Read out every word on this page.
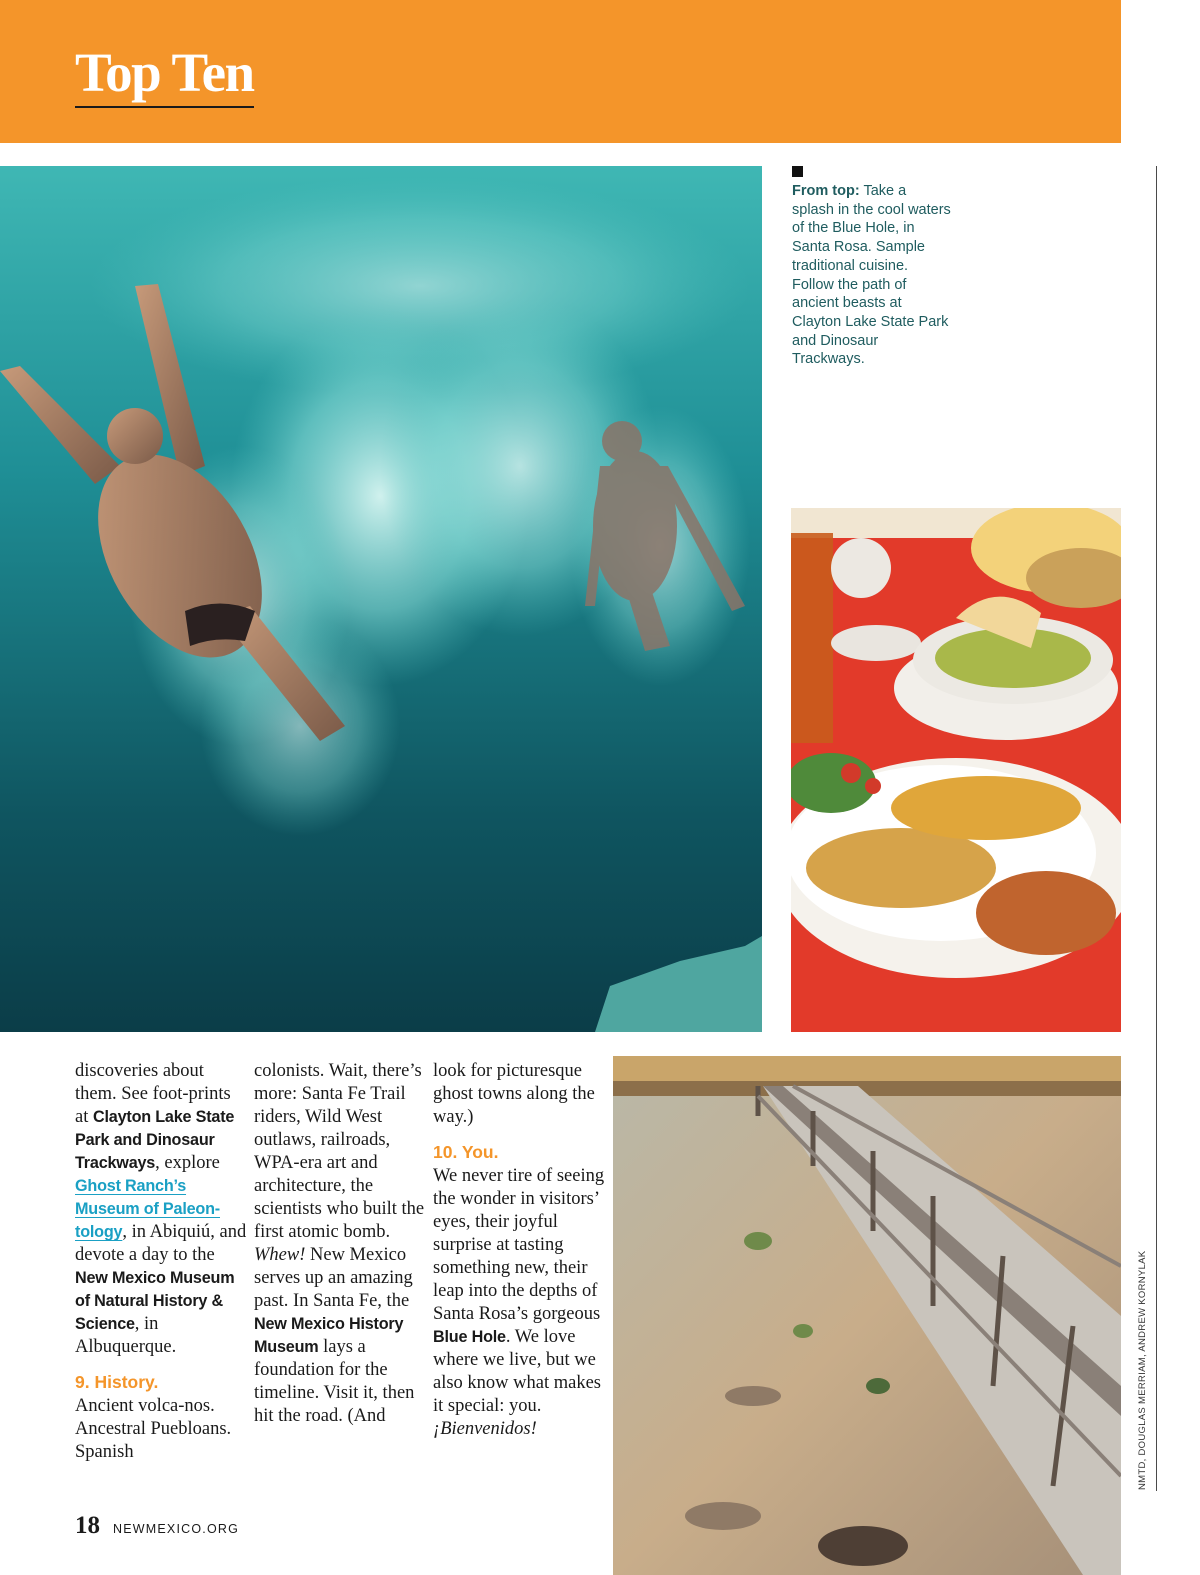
Top Ten
From top: Take a splash in the cool waters of the Blue Hole, in Santa Rosa. Sample traditional cuisine. Follow the path of ancient beasts at Clayton Lake State Park and Dinosaur Trackways.

discoveries about them. See foot-prints at Clayton Lake State Park and Dinosaur Trackways, explore Ghost Ranch’s Museum of Paleon-tology, in Abiquiú, and devote a day to the New Mexico Museum of Natural History & Science, in Albuquerque.

9. History.
Ancient volca-nos. Ancestral Puebloans. Spanish

colonists. Wait, there’s more: Santa Fe Trail riders, Wild West outlaws, railroads, WPA-era art and architecture, the scientists who built the first atomic bomb. Whew! New Mexico serves up an amazing past. In Santa Fe, the New Mexico History Museum lays a foundation for the timeline. Visit it, then hit the road. (And

look for picturesque ghost towns along the way.)

10. You.
We never tire of seeing the wonder in visitors’ eyes, their joyful surprise at tasting something new, their leap into the depths of Santa Rosa’s gorgeous Blue Hole. We love where we live, but we also know what makes it special: you. ¡Bienvenidos!	NMTD, DOUGLAS MERRIAM, ANDREW KORNYLAK
18 NEWMEXICO.ORG
